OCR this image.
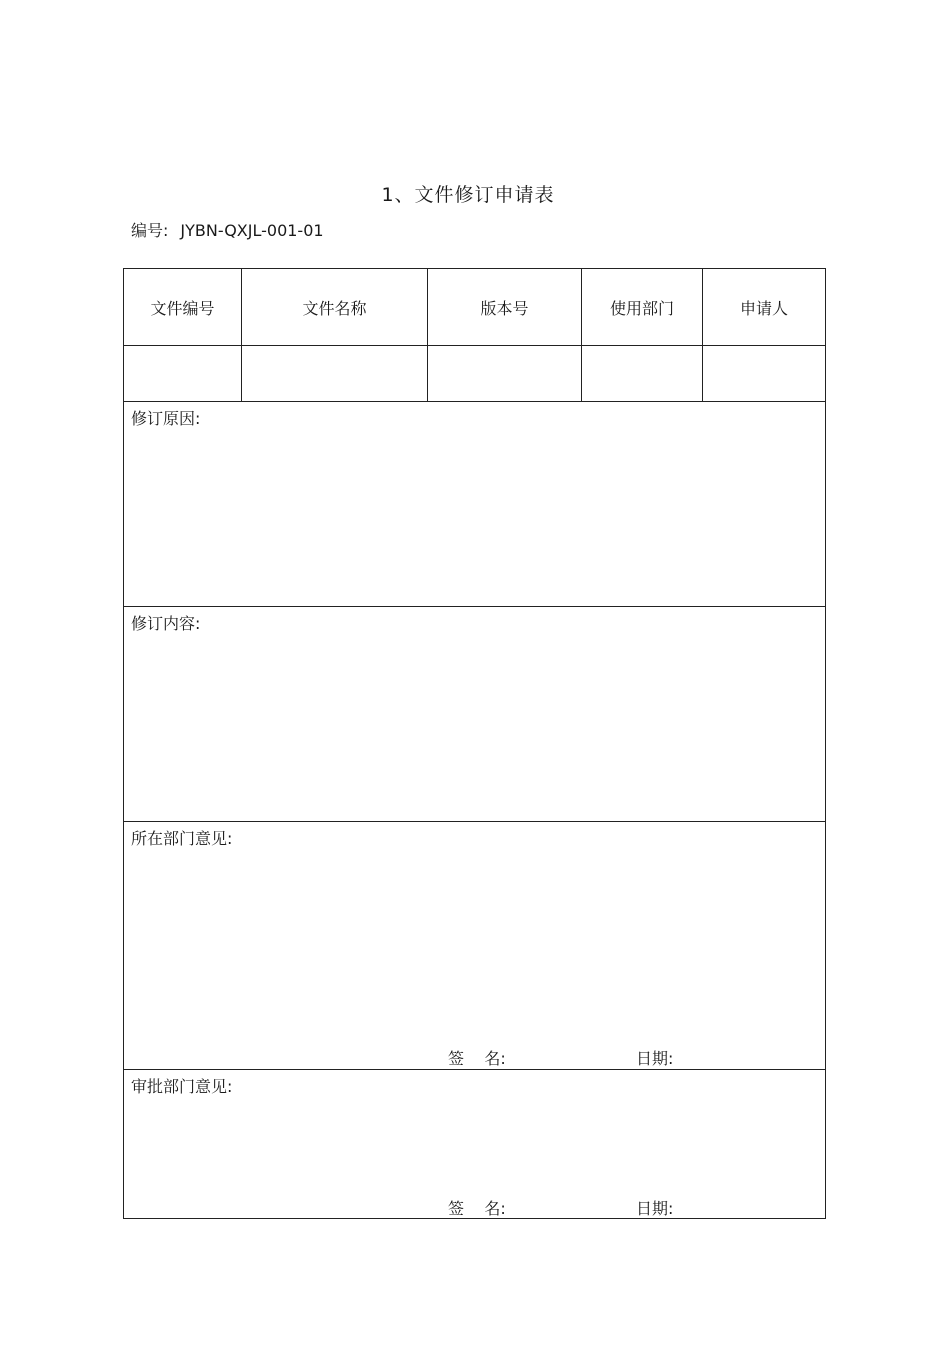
1、文件修订申请表
编号: JYBN-QXJL-001-01
文件编号	文件名称	版本号	使用部门	申请人
修订原因:
修订内容:
所在部门意见:
签    名:	日期:
审批部门意见:
签    名:	日期:
